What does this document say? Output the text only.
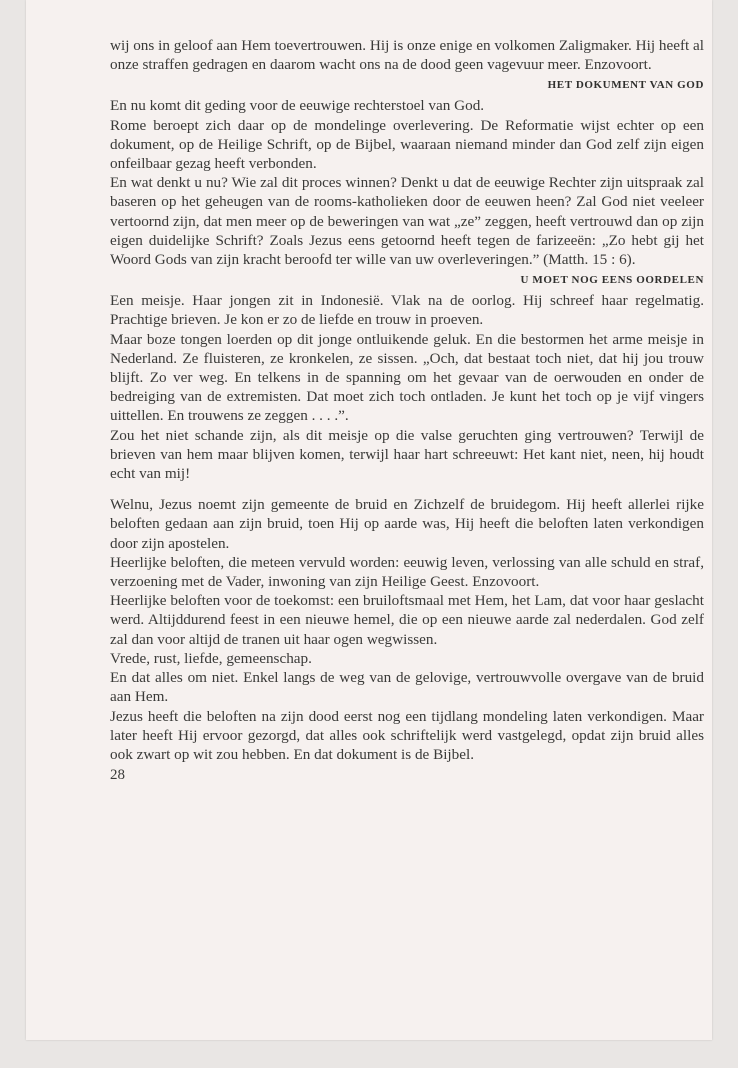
wij ons in geloof aan Hem toevertrouwen. Hij is onze enige en volkomen Zaligmaker. Hij heeft al onze straffen gedragen en daarom wacht ons na de dood geen vagevuur meer. Enzovoort.

HET DOKUMENT VAN GOD

En nu komt dit geding voor de eeuwige rechterstoel van God.

Rome beroept zich daar op de mondelinge overlevering. De Reformatie wijst echter op een dokument, op de Heilige Schrift, op de Bijbel, waaraan niemand minder dan God zelf zijn eigen onfeilbaar gezag heeft verbonden.

En wat denkt u nu? Wie zal dit proces winnen? Denkt u dat de eeuwige Rechter zijn uitspraak zal baseren op het geheugen van de rooms-katholieken door de eeuwen heen? Zal God niet veeleer vertoornd zijn, dat men meer op de beweringen van wat „ze” zeggen, heeft vertrouwd dan op zijn eigen duidelijke Schrift? Zoals Jezus eens getoornd heeft tegen de farizeeën: „Zo hebt gij het Woord Gods van zijn kracht beroofd ter wille van uw overleveringen.” (Matth. 15 : 6).

U MOET NOG EENS OORDELEN

Een meisje. Haar jongen zit in Indonesië. Vlak na de oorlog. Hij schreef haar regelmatig. Prachtige brieven. Je kon er zo de liefde en trouw in proeven.

Maar boze tongen loerden op dit jonge ontluikende geluk. En die bestormen het arme meisje in Nederland. Ze fluisteren, ze kronkelen, ze sissen. „Och, dat bestaat toch niet, dat hij jou trouw blijft. Zo ver weg. En telkens in de spanning om het gevaar van de oerwouden en onder de bedreiging van de extremisten. Dat moet zich toch ontladen. Je kunt het toch op je vijf vingers uittellen. En trouwens ze zeggen . . . .”.

Zou het niet schande zijn, als dit meisje op die valse geruchten ging vertrouwen? Terwijl de brieven van hem maar blijven komen, terwijl haar hart schreeuwt: Het kant niet, neen, hij houdt echt van mij!

Welnu, Jezus noemt zijn gemeente de bruid en Zichzelf de bruidegom. Hij heeft allerlei rijke beloften gedaan aan zijn bruid, toen Hij op aarde was, Hij heeft die beloften laten verkondigen door zijn apostelen.

Heerlijke beloften, die meteen vervuld worden: eeuwig leven, verlossing van alle schuld en straf, verzoening met de Vader, inwoning van zijn Heilige Geest. Enzovoort.

Heerlijke beloften voor de toekomst: een bruiloftsmaal met Hem, het Lam, dat voor haar geslacht werd. Altijddurend feest in een nieuwe hemel, die op een nieuwe aarde zal nederdalen. God zelf zal dan voor altijd de tranen uit haar ogen wegwissen.

Vrede, rust, liefde, gemeenschap.

En dat alles om niet. Enkel langs de weg van de gelovige, vertrouwvolle overgave van de bruid aan Hem.

Jezus heeft die beloften na zijn dood eerst nog een tijdlang mondeling laten verkondigen. Maar later heeft Hij ervoor gezorgd, dat alles ook schriftelijk werd vastgelegd, opdat zijn bruid alles ook zwart op wit zou hebben. En dat dokument is de Bijbel.

28
